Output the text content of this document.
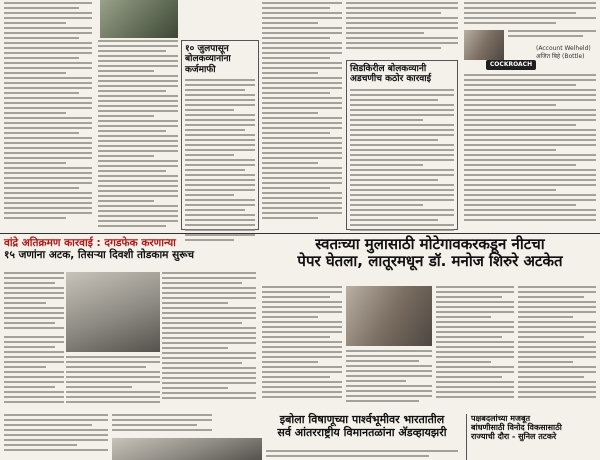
१० जुलपासून बोलकव्यानांना कर्जमाफी	सिडकिरील बोलकव्यानी अडचणीच कठोर कारवाई
(Account Welheld)
अजित बिहे (Bottle)
COCKROACH
वांद्रे अतिक्रमण कारवाई : दगडफेक करणान्या
१५ जणांना अटक, तिसऱ्या दिवशी तोडकाम सुरूच
स्वतःच्या मुलासाठी मोटेगावकरकडून नीटचा
पेपर घेतला, लातूरमधून डॉ. मनोज शिरुरे अटकेत
इबोला विषाणूच्या पार्श्वभूमीवर भारतातील
सर्व आंतरराष्ट्रीय विमानतळांना अ‍ॅडव्हायझरी
पक्षबदलांच्या मजबूत
बांधणीसाठी विनोद विकसासाठी
राज्याची दौरा - सुनिल तटकरे
